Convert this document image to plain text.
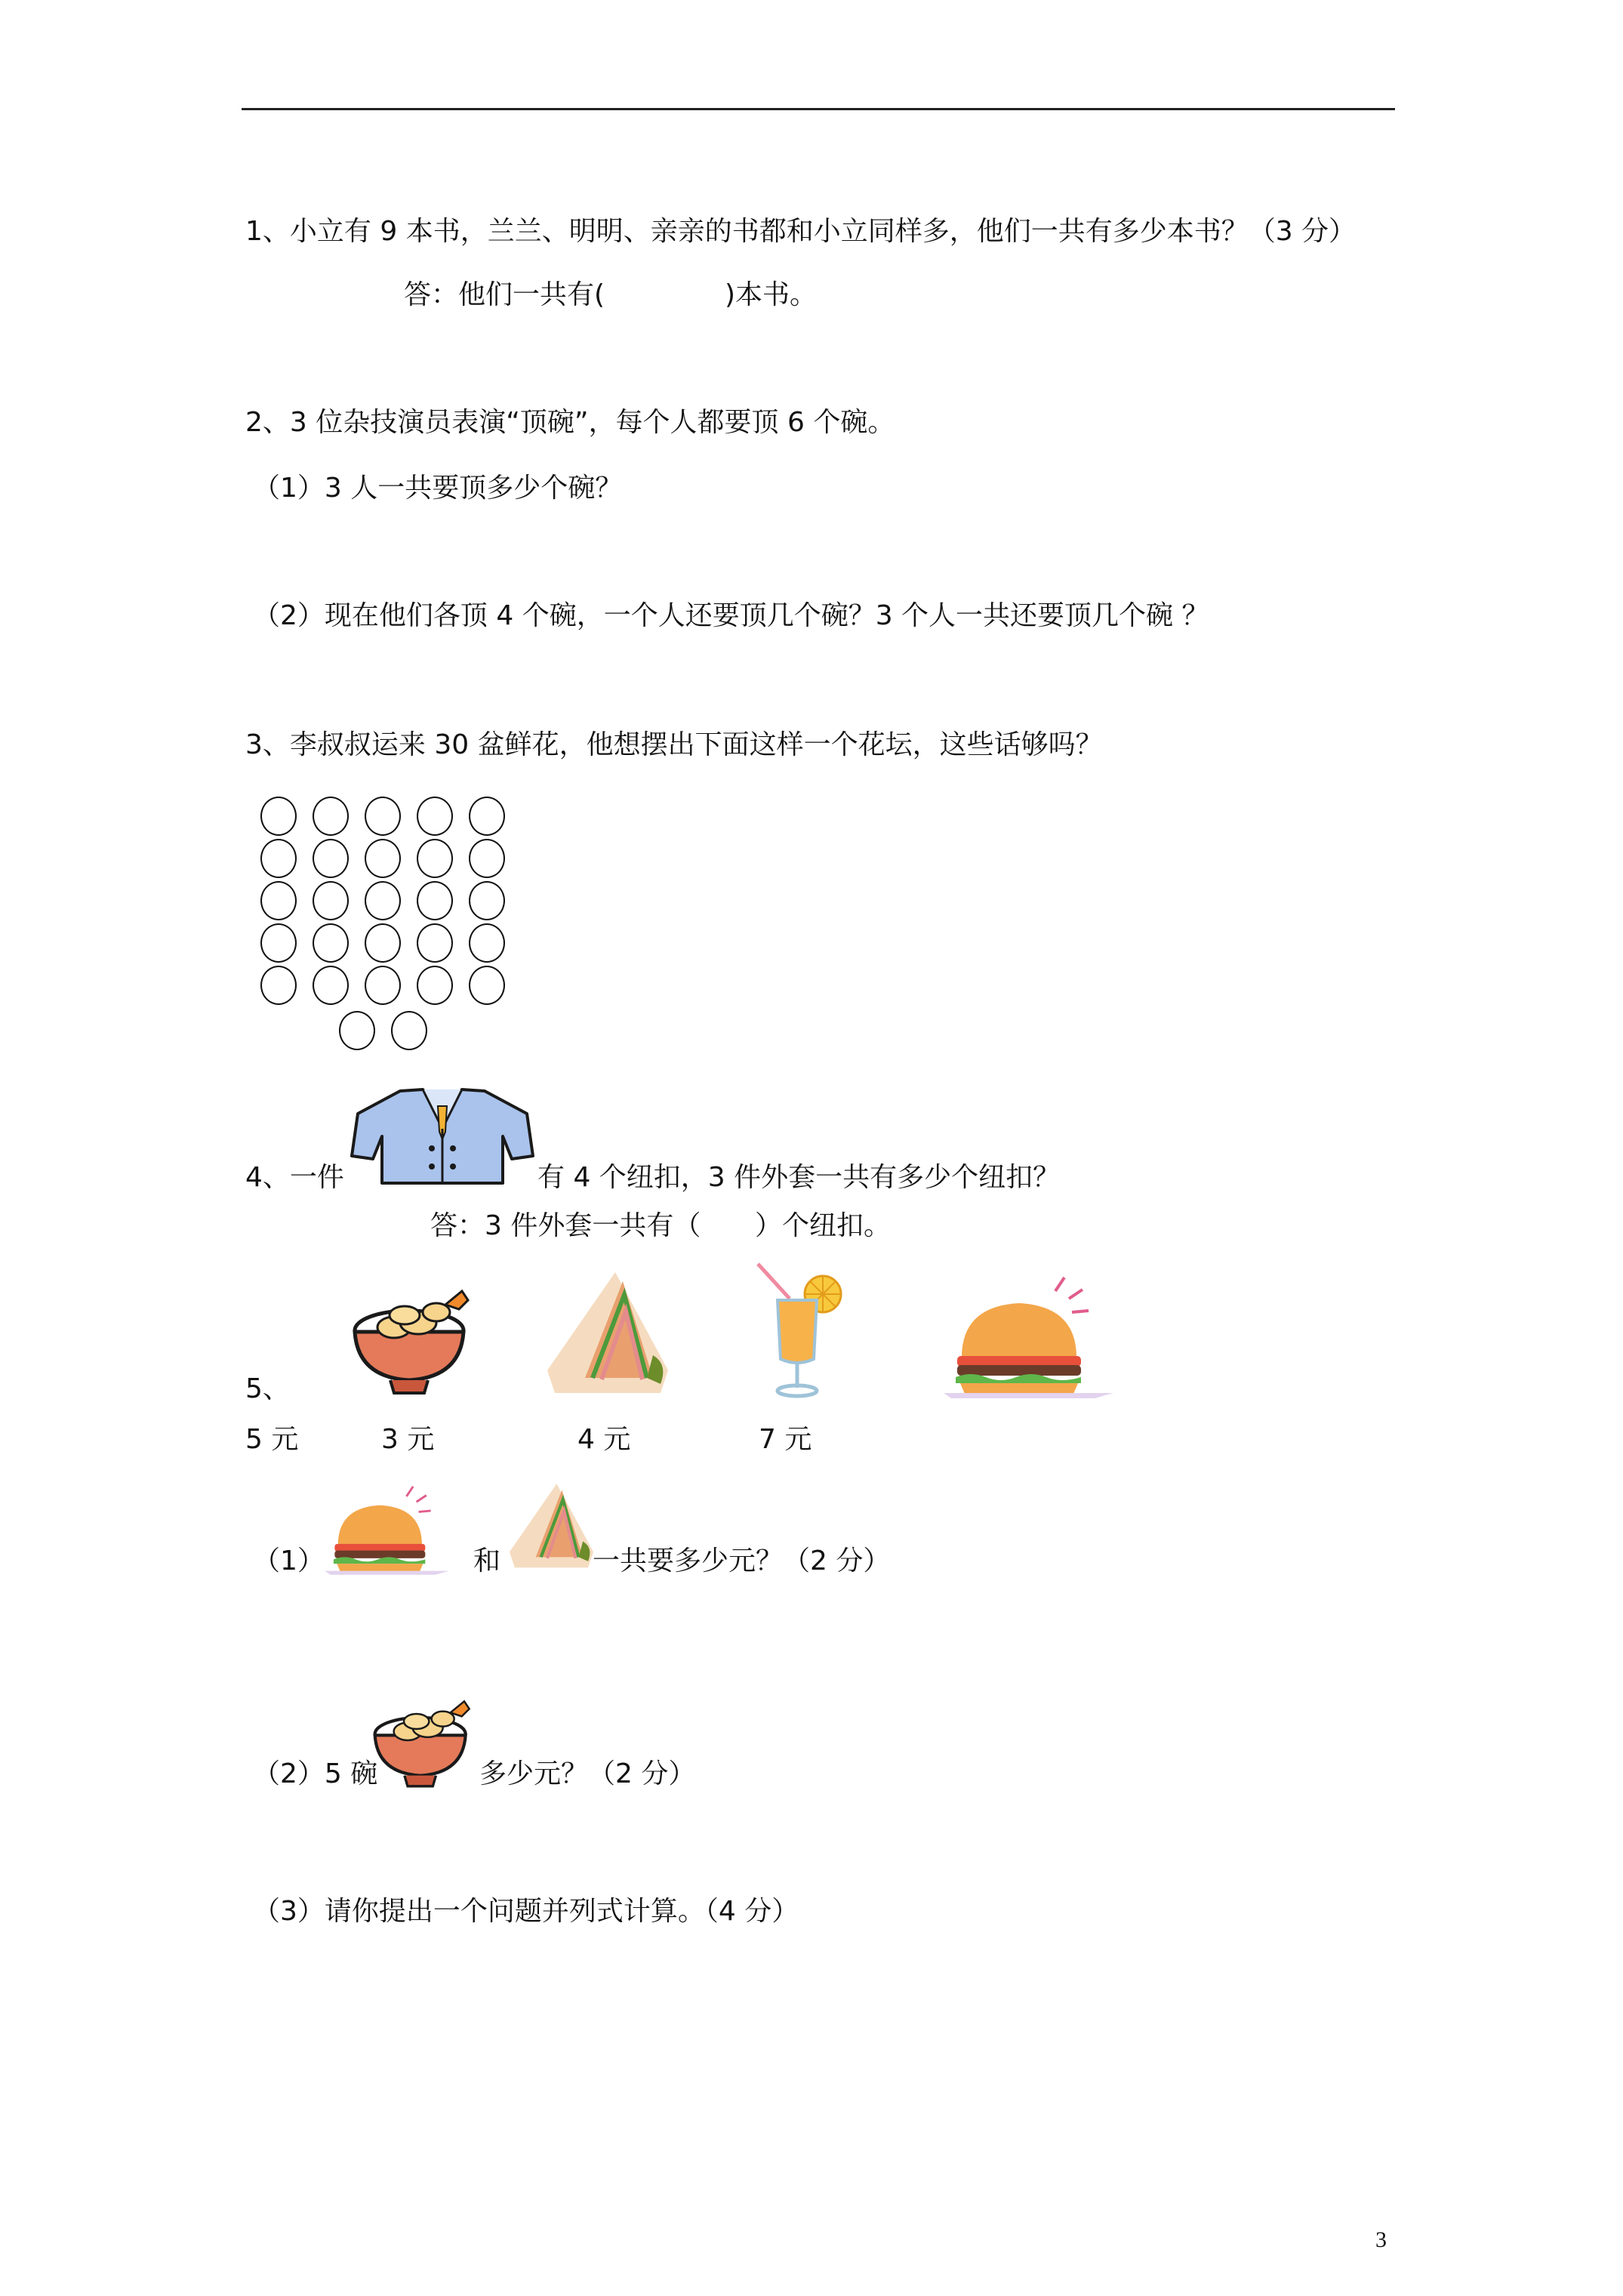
1、小立有 9 本书，兰兰、明明、亲亲的书都和小立同样多，他们一共有多少本书？（3 分）
答：他们一共有(	)本书。
2、3 位杂技演员表演“顶碗”，每个人都要顶 6 个碗。
（1）3 人一共要顶多少个碗？
（2）现在他们各顶 4 个碗，一个人还要顶几个碗？3 个人一共还要顶几个碗 ？
3、李叔叔运来 30 盆鲜花，他想摆出下面这样一个花坛，这些话够吗？
4、一件	有 4 个纽扣，3 件外套一共有多少个纽扣？
答：3 件外套一共有（ ）个纽扣。
5、
5 元	3 元	4 元	7 元
（1）	和	一共要多少元？（2 分）
（2）5 碗	多少元？（2 分）
（3）请你提出一个问题并列式计算。（4 分）
3
